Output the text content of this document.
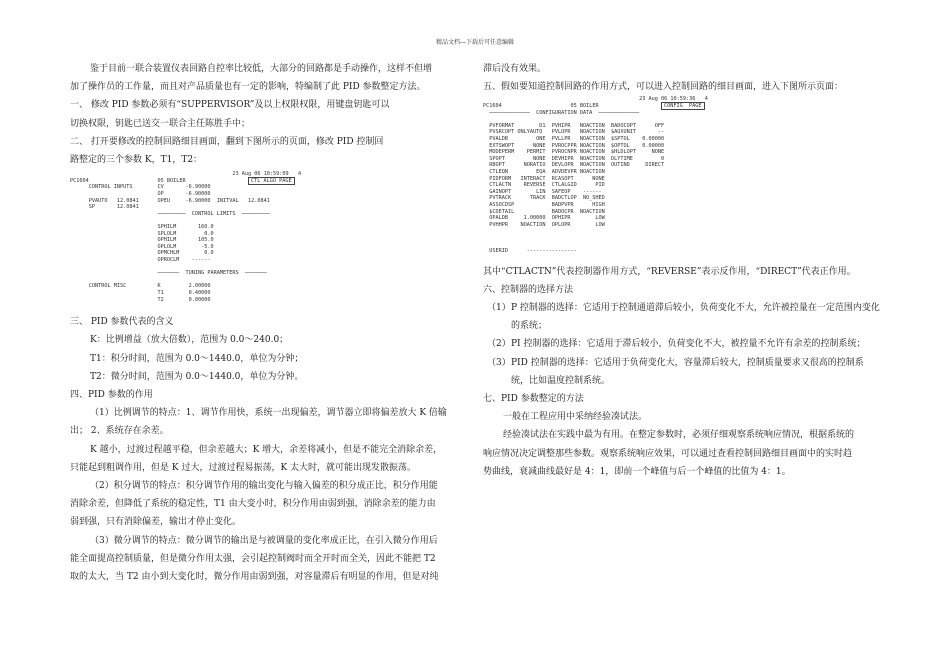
精品文档---下载后可任意编辑

鉴于目前一联合装置仪表回路自控率比较低，大部分的回路都是手动操作，这样不但增

加了操作员的工作量，而且对产品质量也有一定的影响，特编制了此 PID 参数整定方法。

一、 修改 PID 参数必须有“SUPPERVISOR”及以上权限权限，用键盘钥匙可以

切换权限，钥匙已送交一联合主任陈胜手中；

二、 打开要修改的控制回路细目画面，翻到下图所示的页面，修改 PID 控制回

路整定的三个参数 K，T1，T2：

23 Aug 06 10:59:09   4
PC1604	05 BOILER	CTL ALGO PAGE
CONTROL INPUTS        CV       -6.90000
OP       -6.90000
PVAUTO   12.0841      OPEU     -6.90000  INITVAL   12.0841
SP       12.0841
─────────  CONTROL LIMITS  ─────────

SPHILM       160.0
SPLOLM         0.0
OPHILM       105.0
OPLOLM        -5.0
OPMCHLM        0.0
OPROCLM    ------

───────  TUNING PARAMETERS  ───────

CONTROL MISC          K         2.00000
T1        0.40000
T2        0.00000

三、 PID 参数代表的含义

K：比例增益（放大倍数），范围为 0.0～240.0；

T1：积分时间，范围为 0.0～1440.0，单位为分钟；

T2：微分时间，范围为 0.0～1440.0，单位为分钟。

四、PID 参数的作用

（1）比例调节的特点：1、调节作用快，系统一出现偏差，调节器立即将偏差放大 K 倍输

出； 2、系统存在余差。

K 越小，过渡过程越平稳，但余差越大；K 增大，余差将减小，但是不能完全消除余差，

只能起到粗调作用，但是 K 过大，过渡过程易振荡，K 太大时，就可能出现发散振荡。

（2）积分调节的特点：积分调节作用的输出变化与输入偏差的积分成正比，积分作用能

消除余差，但降低了系统的稳定性，T1 由大变小时，积分作用由弱到强，消除余差的能力由

弱到强，只有消除偏差，输出才停止变化。

（3）微分调节的特点：微分调节的输出是与被调量的变化率成正比，在引入微分作用后

能全面提高控制质量，但是微分作用太强，会引起控制阀时而全开时而全关，因此不能把 T2

取的太大，当 T2 由小到大变化时，微分作用由弱到强，对容量滞后有明显的作用，但是对纯

滞后没有效果。

五、假如要知道控制回路的作用方式，可以进入控制回路的细目画面，进入下图所示页面：

23 Aug 06 10:59:36   4
PC1604	05 BOILER	CONFIG  PAGE
─────────────  CONFIGURATION DATA  ─────────────

PVFORMAT        D1  PVHIPR   NOACTION  BADOCOPT      OFF
PVSRCOPT ONLYAUTO   PVLOPR   NOACTION  $AUXUNIT       --
PVALDB         ONE  PVLLPR   NOACTION  $SPTOL    0.00000
EXTSWOPT      NONE  PVROCPPR NOACTION  $OPTOL    0.00000
MODEPERM    PERMIT  PVROCNPR NOACTION  $HLDLOPT     NONE
SPOPT         NONE  DEVHIPR  NOACTION  DLYTIME         0
RBOPT      NORATIO  DEVLOPR  NOACTION  OUTIND     DIRECT
CTLEQN         EQA  ADVDEVPR NOACTION
PIDFORM   INTERACT  RCASOPT      NONE
CTLACTN    REVERSE  CTLALGID      PID
GAINOPT        LIN  SAFEOP    ------
PVTRACK      TRACK  BADCTLOP  NO_SHED
ASSOCDSP            BADPVPR      HIGH
$CDETAIL            BADOCPR  NOACTION
OPALDB     1.00000  OPHIPR        LOW
PVHHPR    NOACTION  OPLOPR        LOW

USERID      ----------------

其中“CTLACTN”代表控制器作用方式，“REVERSE”表示反作用，“DIRECT”代表正作用。

六、控制器的选择方法

（1） P 控制器的选择：它适用于控制通道滞后较小，负荷变化不大，允许被控量在一定范围内变化的系统；
（2） PI 控制器的选择：它适用于滞后较小，负荷变化不大，被控量不允许有余差的控制系统；
（3） PID 控制器的选择：它适用于负荷变化大，容量滞后较大，控制质量要求又很高的控制系统，比如温度控制系统。

七、PID 参数整定的方法

一般在工程应用中采纳经验凑试法。

经验凑试法在实践中最为有用。在整定参数时，必须仔细观察系统响应情况，根据系统的

响应情况决定调整那些参数。观察系统响应效果，可以通过查看控制回路细目画面中的实时趋

势曲线，衰减曲线最好是 4：1，即前一个峰值与后一个峰值的比值为 4：1。
